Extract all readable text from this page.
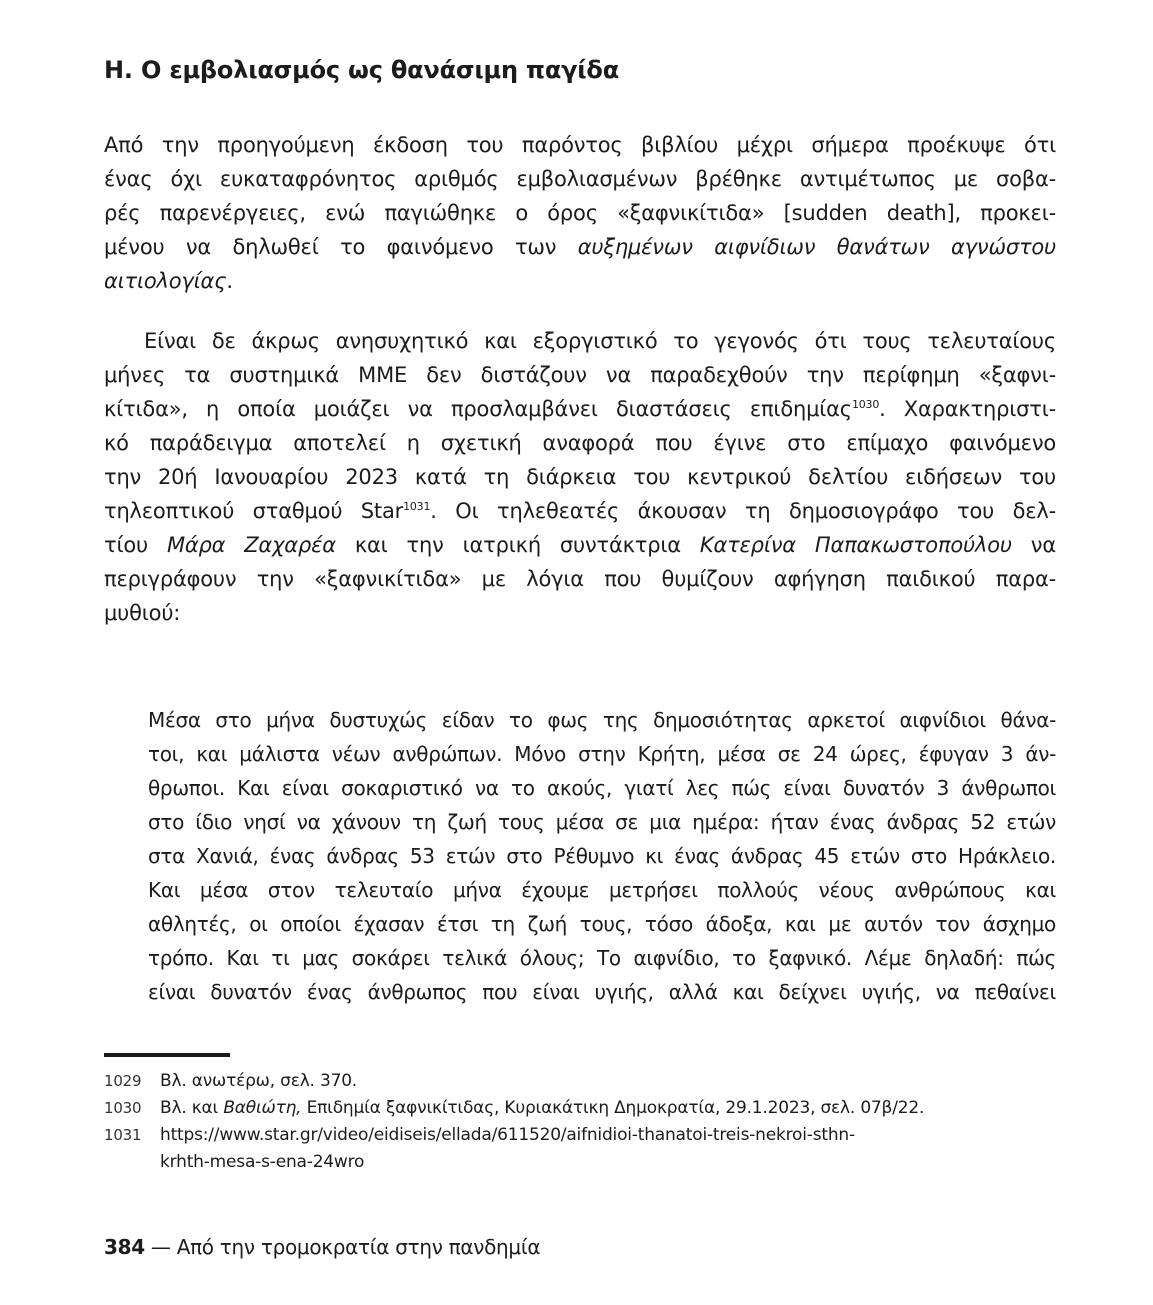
Η. Ο εμβολιασμός ως θανάσιμη παγίδα
Από την προηγούμενη έκδοση του παρόντος βιβλίου μέχρι σήμερα προέκυψε ότι
ένας όχι ευκαταφρόνητος αριθμός εμβολιασμένων βρέθηκε αντιμέτωπος με σοβα-
ρές παρενέργειες, ενώ παγιώθηκε ο όρος «ξαφνικίτιδα» [sudden death], προκει-
μένου να δηλωθεί το φαινόμενο των αυξημένων αιφνίδιων θανάτων αγνώστου
αιτιολογίας.
Είναι δε άκρως ανησυχητικό και εξοργιστικό το γεγονός ότι τους τελευταίους
μήνες τα συστημικά ΜΜΕ δεν διστάζουν να παραδεχθούν την περίφημη «ξαφνι-
κίτιδα», η οποία μοιάζει να προσλαμβάνει διαστάσεις επιδημίας$^{1030}$. Χαρακτηριστι-
κό παράδειγμα αποτελεί η σχετική αναφορά που έγινε στο επίμαχο φαινόμενο
την 20ή Ιανουαρίου 2023 κατά τη διάρκεια του κεντρικού δελτίου ειδήσεων του
τηλεοπτικού σταθμού Star$^{1031}$. Οι τηλεθεατές άκουσαν τη δημοσιογράφο του δελ-
τίου Μάρα Ζαχαρέα και την ιατρική συντάκτρια Κατερίνα Παπακωστοπούλου να
περιγράφουν την «ξαφνικίτιδα» με λόγια που θυμίζουν αφήγηση παιδικού παρα-
μυθιού:
Μέσα στο μήνα δυστυχώς είδαν το φως της δημοσιότητας αρκετοί αιφνίδιοι θάνα-
τοι, και μάλιστα νέων ανθρώπων. Μόνο στην Κρήτη, μέσα σε 24 ώρες, έφυγαν 3 άν-
θρωποι. Και είναι σοκαριστικό να το ακούς, γιατί λες πώς είναι δυνατόν 3 άνθρωποι
στο ίδιο νησί να χάνουν τη ζωή τους μέσα σε μια ημέρα: ήταν ένας άνδρας 52 ετών
στα Χανιά, ένας άνδρας 53 ετών στο Ρέθυμνο κι ένας άνδρας 45 ετών στο Ηράκλειο.
Και μέσα στον τελευταίο μήνα έχουμε μετρήσει πολλούς νέους ανθρώπους και
αθλητές, οι οποίοι έχασαν έτσι τη ζωή τους, τόσο άδοξα, και με αυτόν τον άσχημο
τρόπο. Και τι μας σοκάρει τελικά όλους; Το αιφνίδιο, το ξαφνικό. Λέμε δηλαδή: πώς
είναι δυνατόν ένας άνθρωπος που είναι υγιής, αλλά και δείχνει υγιής, να πεθαίνει
1029	Βλ. ανωτέρω, σελ. 370.
1030	Βλ. και Βαθιώτη, Επιδημία ξαφνικίτιδας, Κυριακάτικη Δημοκρατία, 29.1.2023, σελ. 07β/22.
1031	https://www.star.gr/video/eidiseis/ellada/611520/aifnidioi-thanatoi-treis-nekroi-sthn-
krhth-mesa-s-ena-24wro
384 — Από την τρομοκρατία στην πανδημία
